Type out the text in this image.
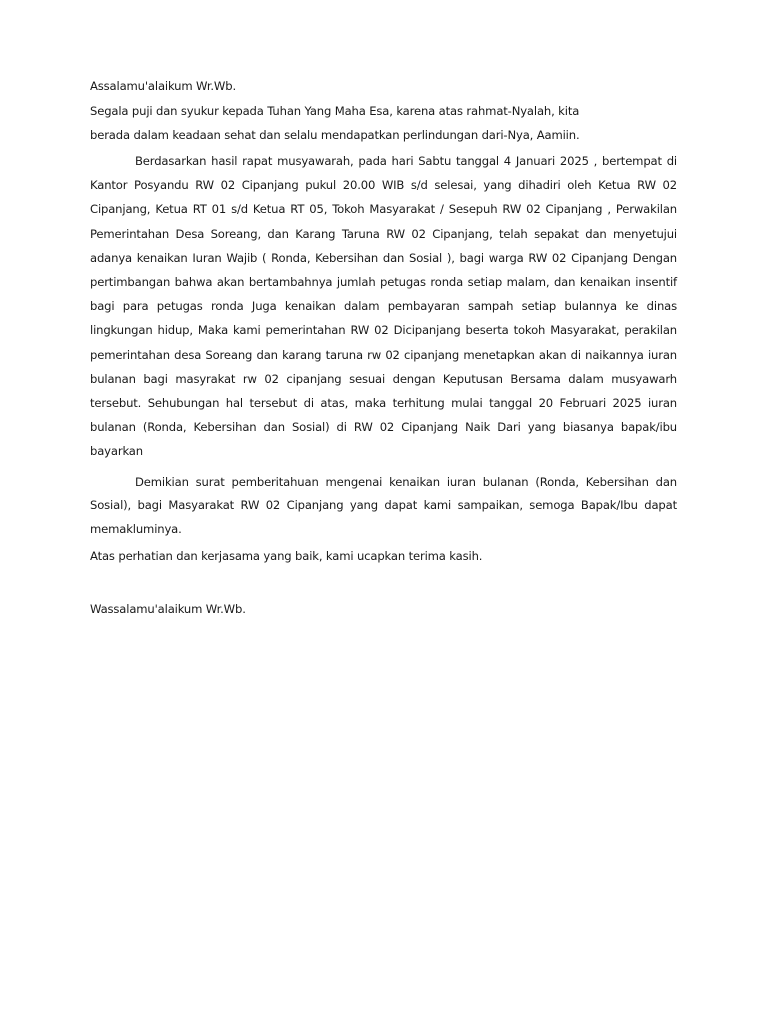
Assalamu'alaikum Wr.Wb.

Segala puji dan syukur kepada Tuhan Yang Maha Esa, karena atas rahmat-Nyalah, kita

berada dalam keadaan sehat dan selalu mendapatkan perlindungan dari-Nya, Aamiin.

Berdasarkan hasil rapat musyawarah, pada hari Sabtu tanggal 4 Januari 2025 , bertempat di Kantor Posyandu RW 02 Cipanjang pukul 20.00 WIB s/d selesai, yang dihadiri oleh Ketua RW 02 Cipanjang, Ketua RT 01 s/d Ketua RT 05, Tokoh Masyarakat / Sesepuh RW 02 Cipanjang , Perwakilan Pemerintahan Desa Soreang, dan Karang Taruna RW 02 Cipanjang, telah sepakat dan menyetujui adanya kenaikan Iuran Wajib ( Ronda, Kebersihan dan Sosial ), bagi warga RW 02 Cipanjang Dengan pertimbangan bahwa akan bertambahnya jumlah petugas ronda setiap malam, dan kenaikan insentif bagi para petugas ronda Juga kenaikan dalam pembayaran sampah setiap bulannya ke dinas lingkungan hidup, Maka kami pemerintahan RW 02 Dicipanjang beserta tokoh Masyarakat, perakilan pemerintahan desa Soreang dan karang taruna rw 02 cipanjang menetapkan akan di naikannya iuran bulanan bagi masyrakat rw 02 cipanjang sesuai dengan Keputusan Bersama dalam musyawarh tersebut. Sehubungan hal tersebut di atas, maka terhitung mulai tanggal 20 Februari 2025 iuran bulanan (Ronda, Kebersihan dan Sosial) di RW 02 Cipanjang Naik Dari yang biasanya bapak/ibu bayarkan

Demikian surat pemberitahuan mengenai kenaikan iuran bulanan (Ronda, Kebersihan dan Sosial), bagi Masyarakat RW 02 Cipanjang yang dapat kami sampaikan, semoga Bapak/Ibu dapat memakluminya.

Atas perhatian dan kerjasama yang baik, kami ucapkan terima kasih.

Wassalamu'alaikum Wr.Wb.
